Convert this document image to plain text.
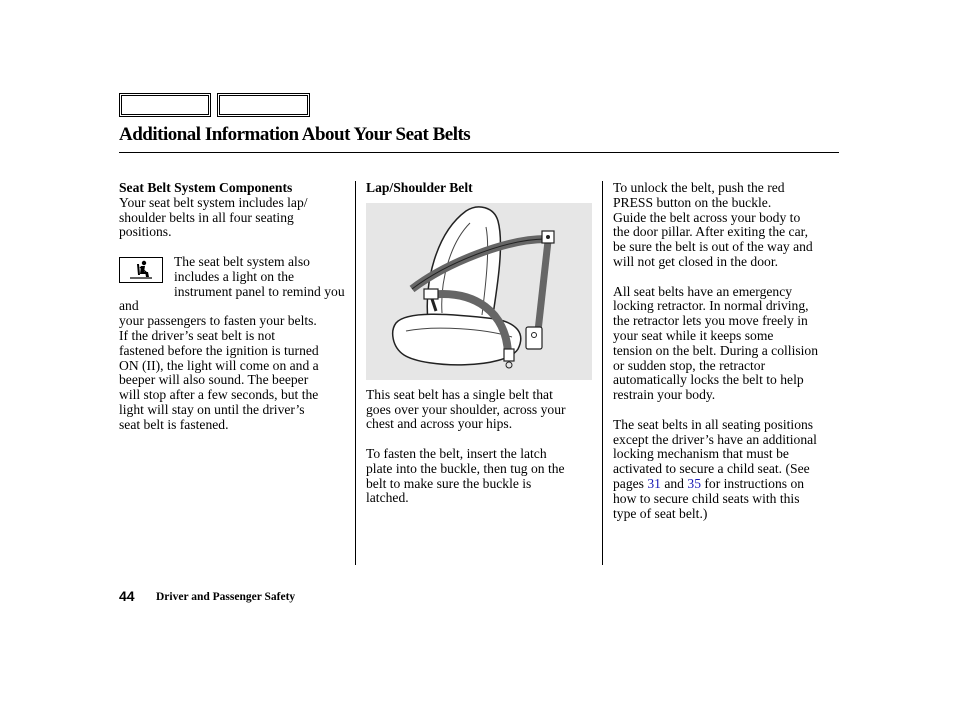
Additional Information About Your Seat Belts

Seat Belt System Components

Your seat belt system includes lap/
shoulder belts in all four seating
positions.

The seat belt system also
includes a light on the
instrument panel to remind you and
your passengers to fasten your belts.
If the driver’s seat belt is not
fastened before the ignition is turned
ON (II), the light will come on and a
beeper will also sound. The beeper
will stop after a few seconds, but the
light will stay on until the driver’s
seat belt is fastened.

Lap/Shoulder Belt

This seat belt has a single belt that
goes over your shoulder, across your
chest and across your hips.

To fasten the belt, insert the latch
plate into the buckle, then tug on the
belt to make sure the buckle is
latched.

To unlock the belt, push the red
PRESS button on the buckle.
Guide the belt across your body to
the door pillar. After exiting the car,
be sure the belt is out of the way and
will not get closed in the door.

All seat belts have an emergency
locking retractor. In normal driving,
the retractor lets you move freely in
your seat while it keeps some
tension on the belt. During a collision
or sudden stop, the retractor
automatically locks the belt to help
restrain your body.

The seat belts in all seating positions
except the driver’s have an additional
locking mechanism that must be
activated to secure a child seat. (See
pages 31 and 35 for instructions on
how to secure child seats with this
type of seat belt.)

44 Driver and Passenger Safety
